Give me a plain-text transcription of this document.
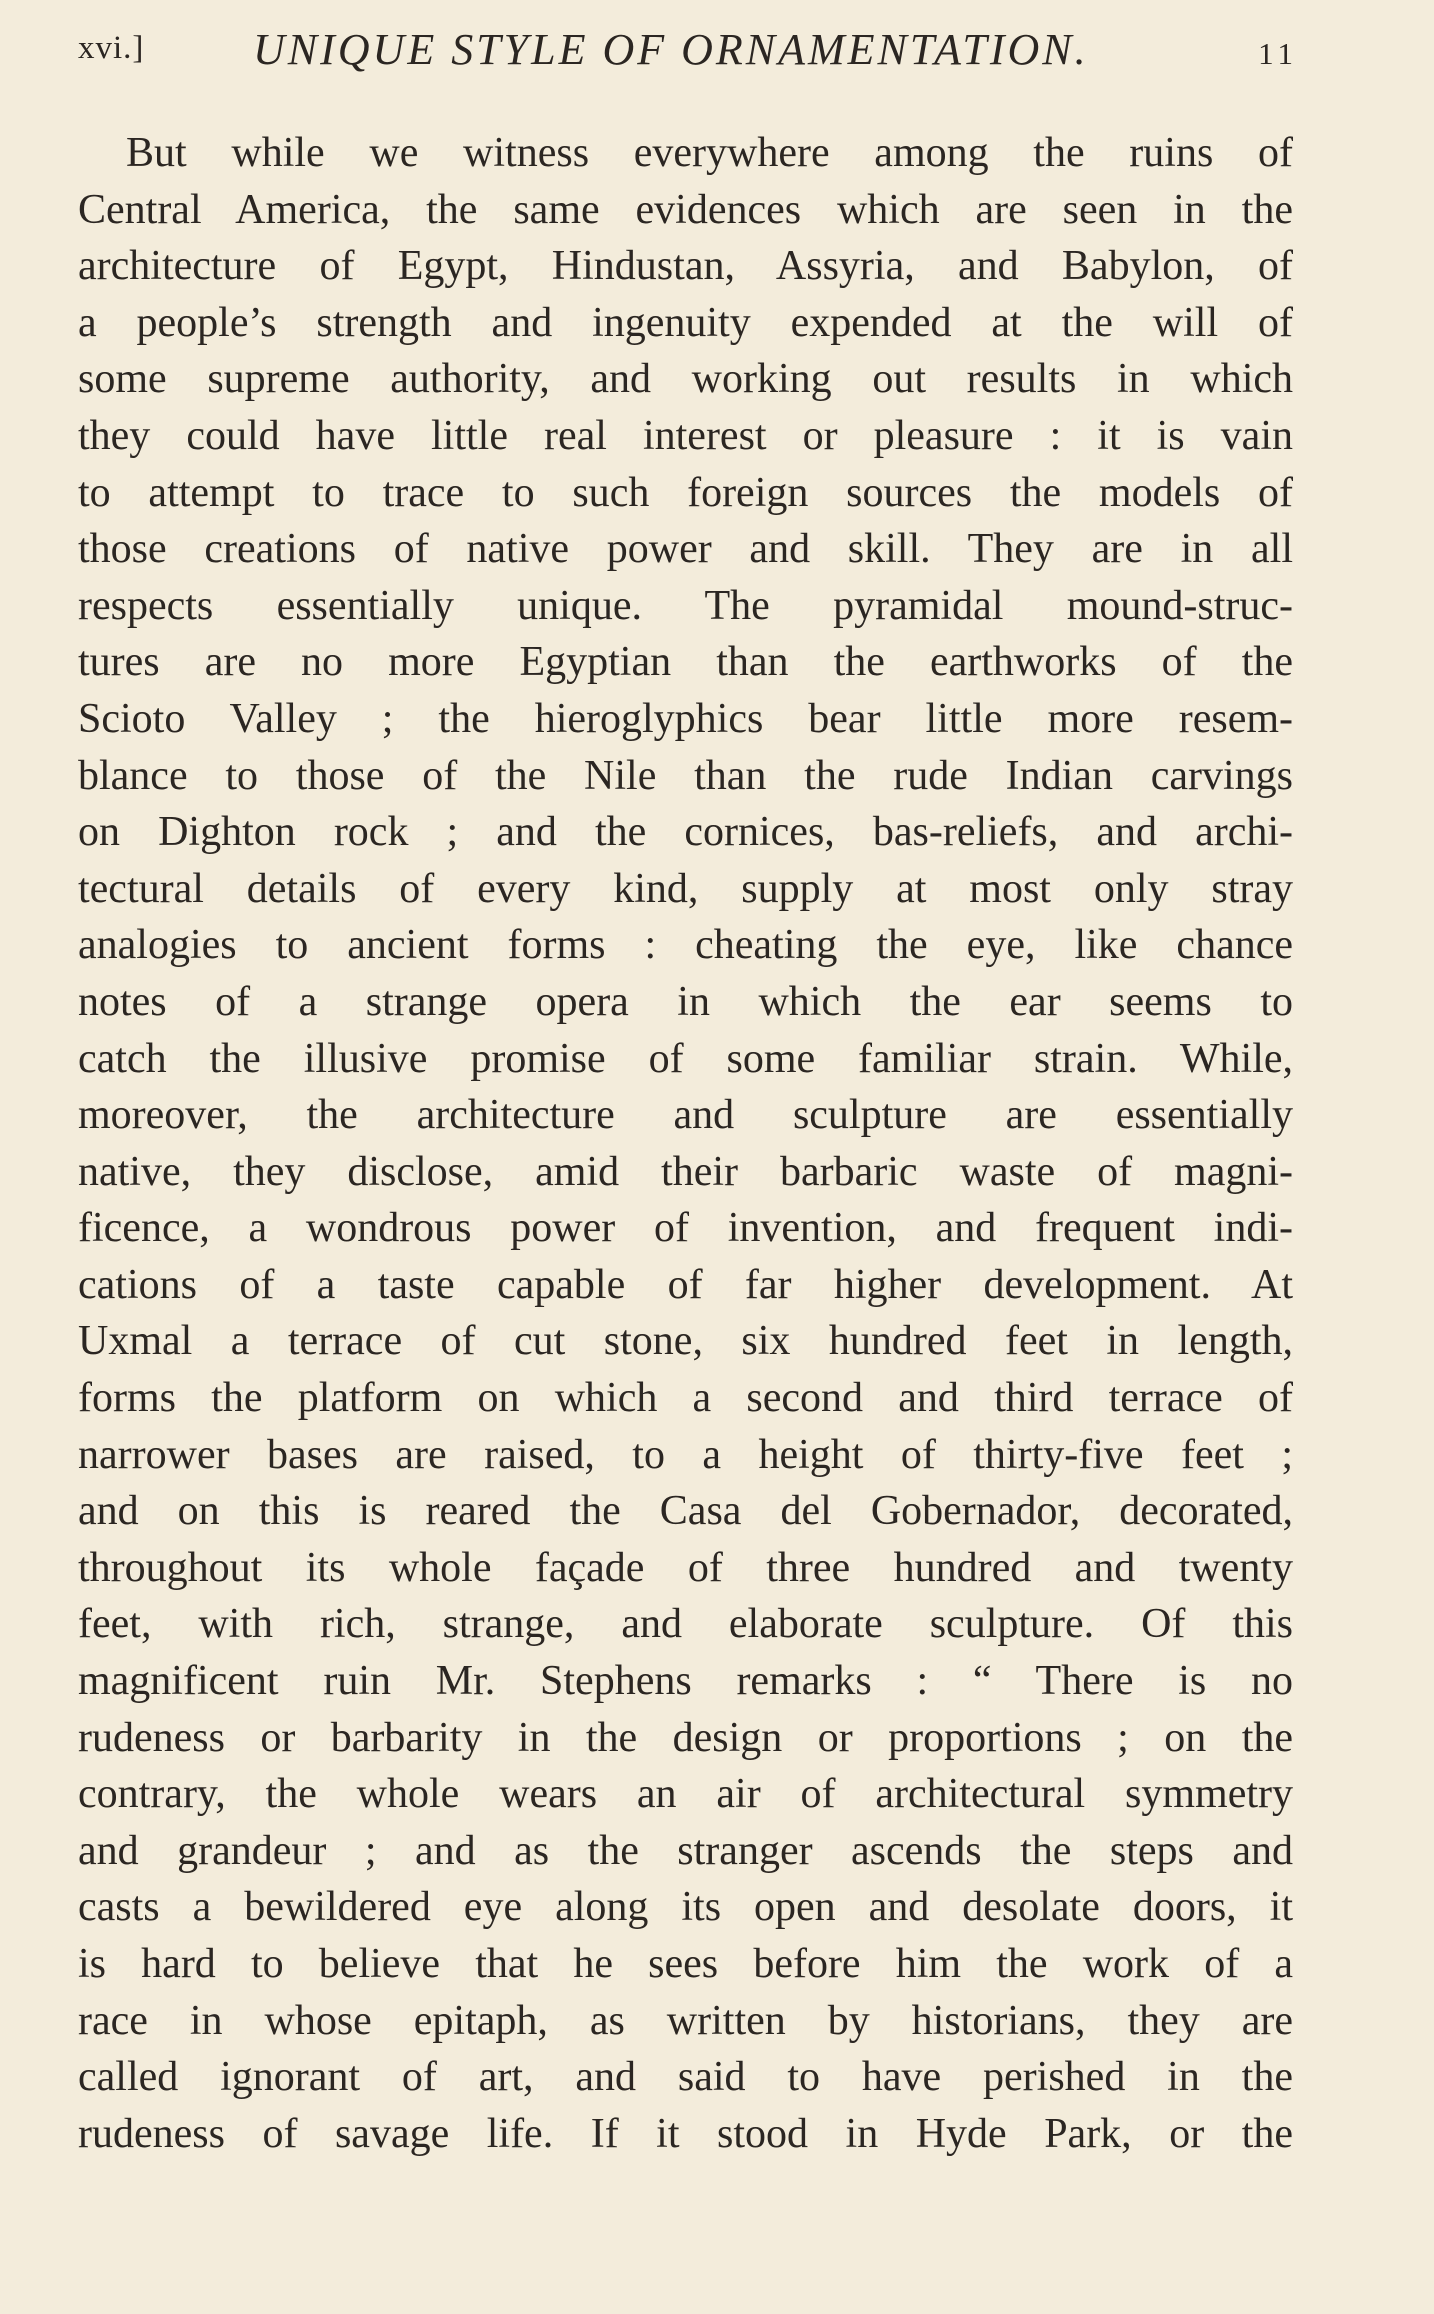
xvi.] UNIQUE STYLE OF ORNAMENTATION.	11
But while we witness everywhere among the ruins of
Central America, the same evidences which are seen in the
architecture of Egypt, Hindustan, Assyria, and Babylon, of
a people’s strength and ingenuity expended at the will of
some supreme authority, and working out results in which
they could have little real interest or pleasure : it is vain
to attempt to trace to such foreign sources the models of
those creations of native power and skill. They are in all
respects essentially unique. The pyramidal mound-struc-
tures are no more Egyptian than the earthworks of the
Scioto Valley ; the hieroglyphics bear little more resem-
blance to those of the Nile than the rude Indian carvings
on Dighton rock ; and the cornices, bas-reliefs, and archi-
tectural details of every kind, supply at most only stray
analogies to ancient forms : cheating the eye, like chance
notes of a strange opera in which the ear seems to
catch the illusive promise of some familiar strain. While,
moreover, the architecture and sculpture are essentially
native, they disclose, amid their barbaric waste of magni-
ficence, a wondrous power of invention, and frequent indi-
cations of a taste capable of far higher development. At
Uxmal a terrace of cut stone, six hundred feet in length,
forms the platform on which a second and third terrace of
narrower bases are raised, to a height of thirty-five feet ;
and on this is reared the Casa del Gobernador, decorated,
throughout its whole façade of three hundred and twenty
feet, with rich, strange, and elaborate sculpture. Of this
magnificent ruin Mr. Stephens remarks : “ There is no
rudeness or barbarity in the design or proportions ; on the
contrary, the whole wears an air of architectural symmetry
and grandeur ; and as the stranger ascends the steps and
casts a bewildered eye along its open and desolate doors, it
is hard to believe that he sees before him the work of a
race in whose epitaph, as written by historians, they are
called ignorant of art, and said to have perished in the
rudeness of savage life. If it stood in Hyde Park, or the
